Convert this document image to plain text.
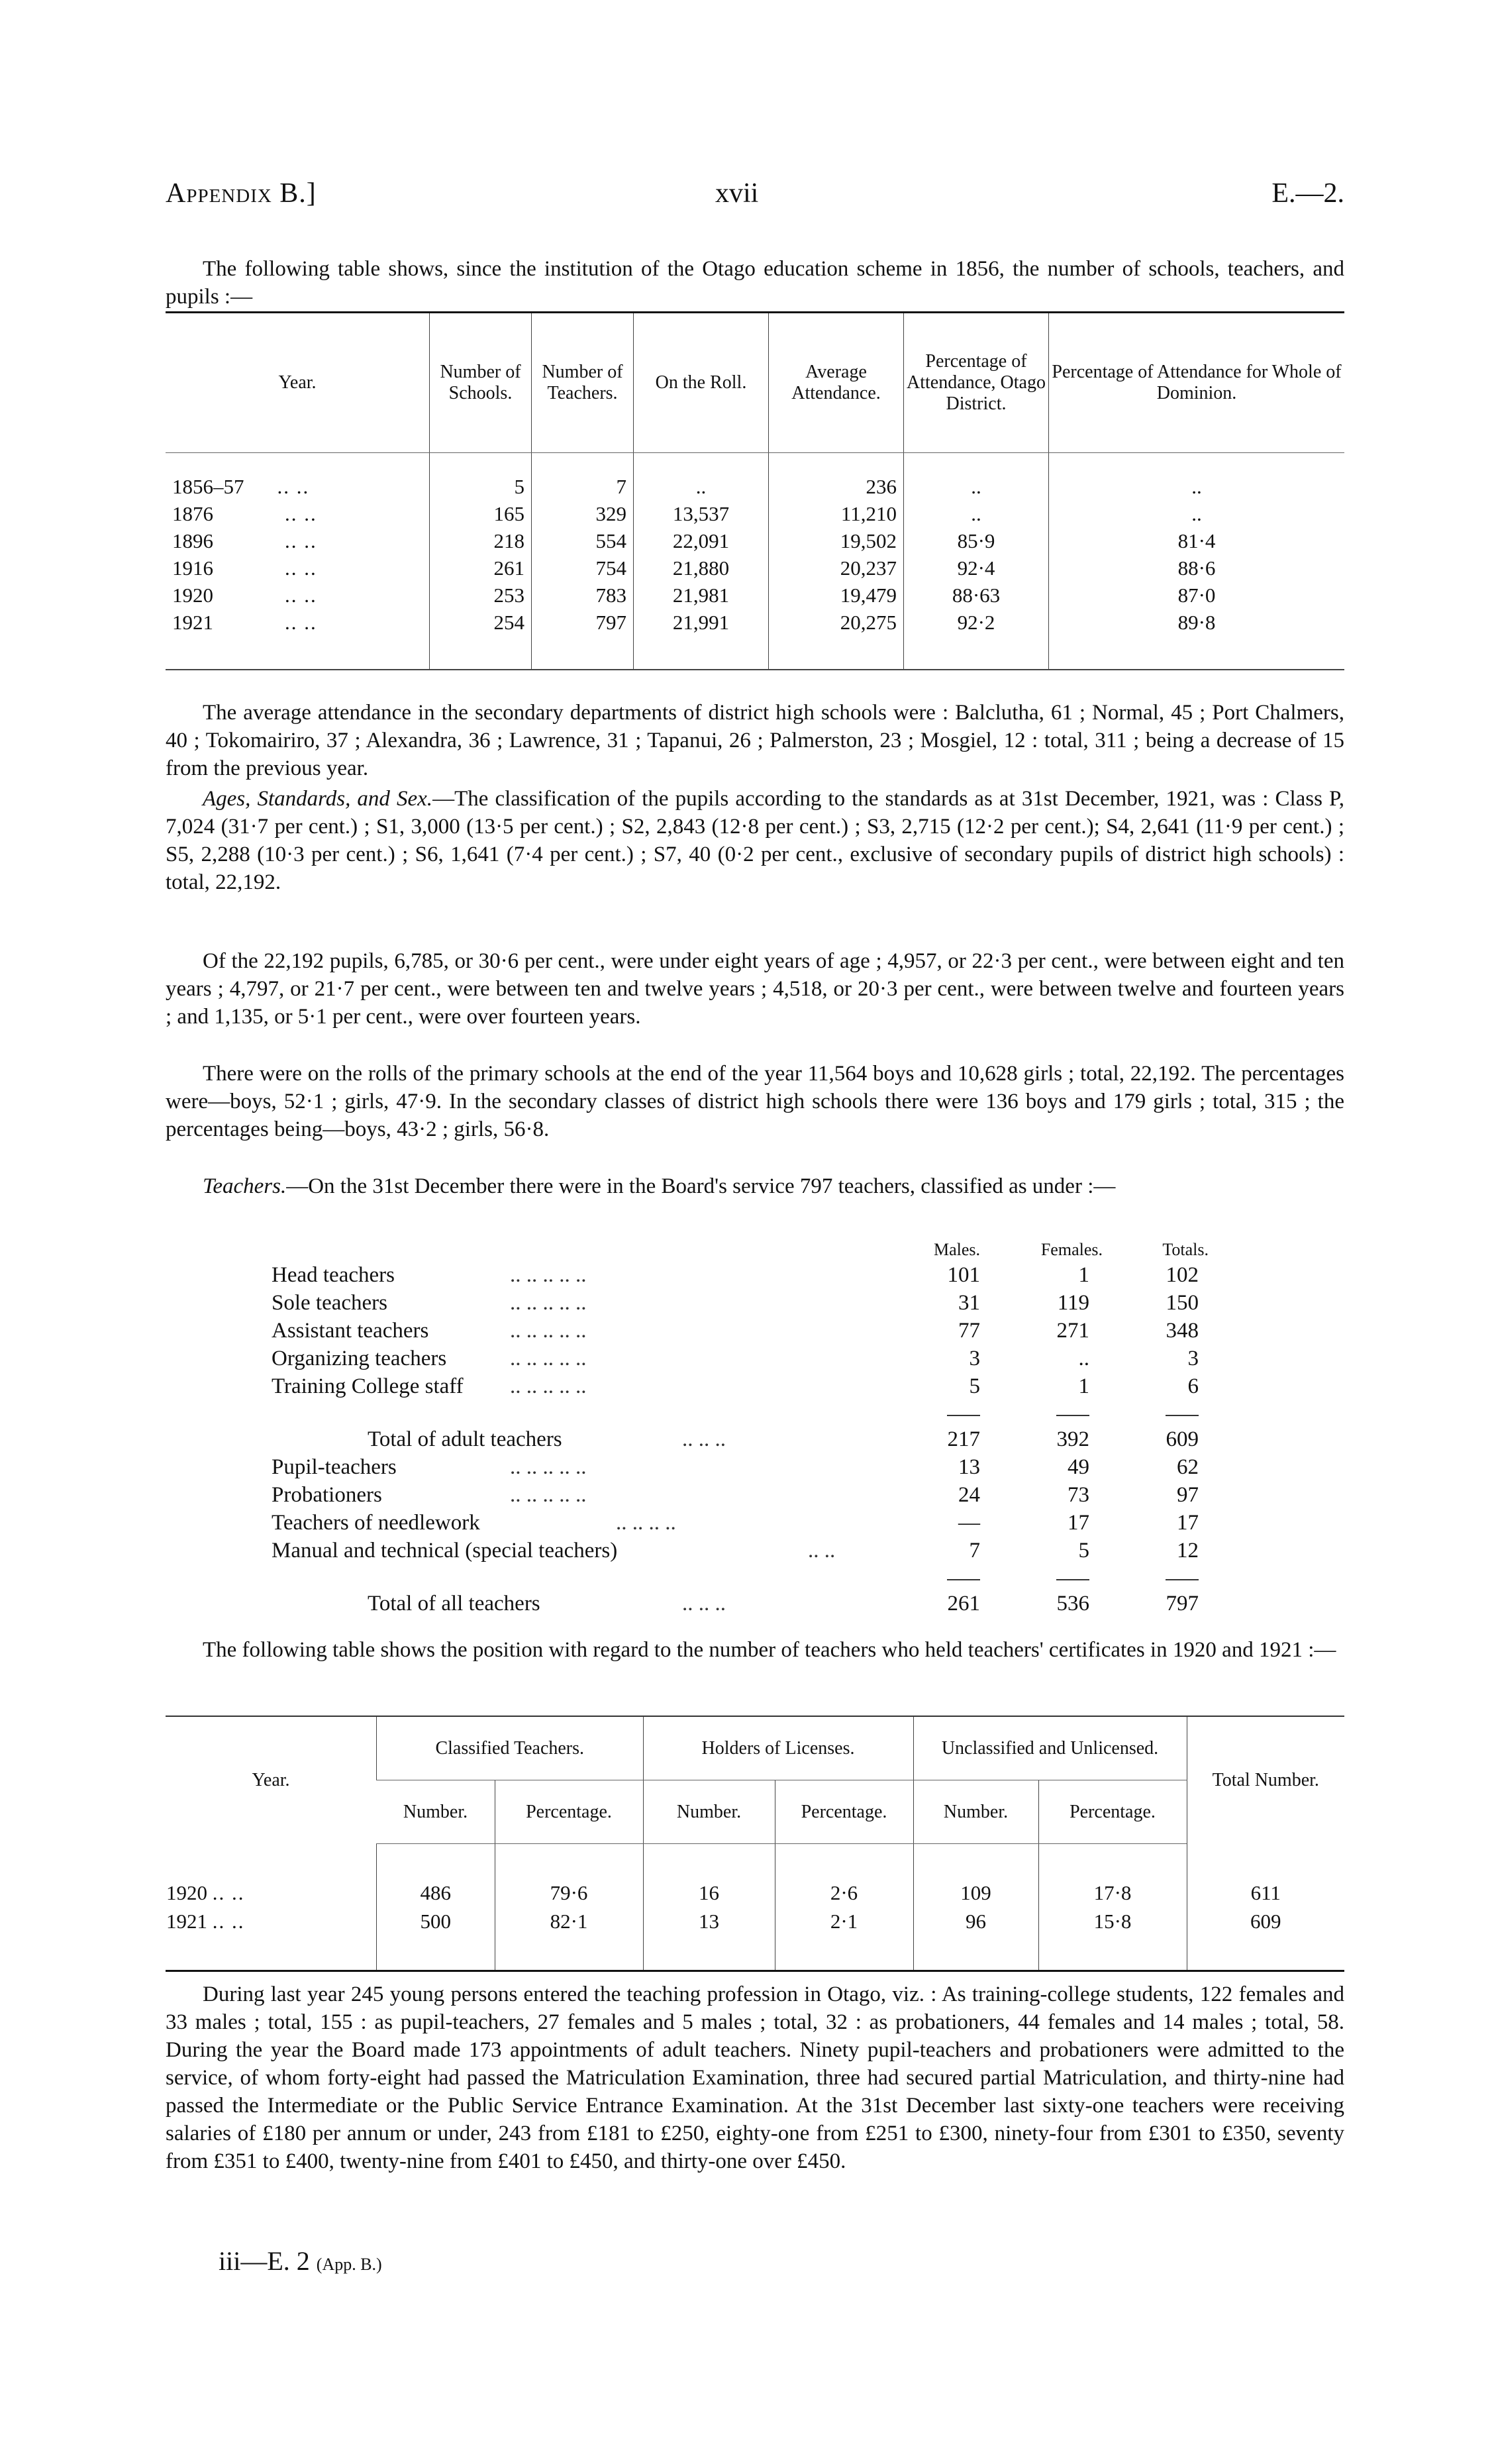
Appendix B.]	xvii	E.—2.

The following table shows, since the institution of the Otago education scheme in 1856, the number of schools, teachers, and pupils :—

Year.	Number of Schools.	Number of Teachers.	On the Roll.	Average Attendance.	Percentage of Attendance, Otago District.	Percentage of Attendance for Whole of Dominion.

1856–57 .. ..	5	7	..	236	..	..
1876 .. ..	165	329	13,537	11,210	..	..
1896 .. ..	218	554	22,091	19,502	85·9	81·4
1916 .. ..	261	754	21,880	20,237	92·4	88·6
1920 .. ..	253	783	21,981	19,479	88·63	87·0
1921 .. ..	254	797	21,991	20,275	92·2	89·8

The average attendance in the secondary departments of district high schools were : Balclutha, 61 ; Normal, 45 ; Port Chalmers, 40 ; Tokomairiro, 37 ; Alexandra, 36 ; Lawrence, 31 ; Tapanui, 26 ; Palmerston, 23 ; Mosgiel, 12 : total, 311 ; being a decrease of 15 from the previous year.

Ages, Standards, and Sex.—The classification of the pupils according to the standards as at 31st December, 1921, was : Class P, 7,024 (31·7 per cent.) ; S1, 3,000 (13·5 per cent.) ; S2, 2,843 (12·8 per cent.) ; S3, 2,715 (12·2 per cent.); S4, 2,641 (11·9 per cent.) ; S5, 2,288 (10·3 per cent.) ; S6, 1,641 (7·4 per cent.) ; S7, 40 (0·2 per cent., exclusive of secondary pupils of district high schools) : total, 22,192.

Of the 22,192 pupils, 6,785, or 30·6 per cent., were under eight years of age ; 4,957, or 22·3 per cent., were between eight and ten years ; 4,797, or 21·7 per cent., were between ten and twelve years ; 4,518, or 20·3 per cent., were between twelve and fourteen years ; and 1,135, or 5·1 per cent., were over fourteen years.

There were on the rolls of the primary schools at the end of the year 11,564 boys and 10,628 girls ; total, 22,192. The percentages were—boys, 52·1 ; girls, 47·9. In the secondary classes of district high schools there were 136 boys and 179 girls ; total, 315 ; the percentages being—boys, 43·2 ; girls, 56·8.

Teachers.—On the 31st December there were in the Board's service 797 teachers, classified as under :—

Males.	Females.	Totals.
Head teachers	.. .. .. .. ..	101	1	102
Sole teachers	.. .. .. .. ..	31	119	150
Assistant teachers	.. .. .. .. ..	77	271	348
Organizing teachers	.. .. .. .. ..	3	..	3
Training College staff .. .. .. .. ..	5	1	6
Total of adult teachers	.. .. ..	217	392	609
Pupil-teachers	.. .. .. .. ..	13	49	62
Probationers	.. .. .. .. ..	24	73	97
Teachers of needlework	.. .. .. ..	—	17	17
Manual and technical (special teachers)	.. ..	7	5	12
Total of all teachers	.. .. ..	261	536	797

The following table shows the position with regard to the number of teachers who held teachers' certificates in 1920 and 1921 :—

Year.	Classified Teachers.		Holders of Licenses.		Unclassified and Unlicensed.		Total Number.
	Number.	Percentage.	Number.	Percentage.	Number.	Percentage.	

1920 .. ..	486	79·6	16	2·6	109	17·8	611
1921 .. ..	500	82·1	13	2·1	96	15·8	609

During last year 245 young persons entered the teaching profession in Otago, viz. : As training-college students, 122 females and 33 males ; total, 155 : as pupil-teachers, 27 females and 5 males ; total, 32 : as probationers, 44 females and 14 males ; total, 58. During the year the Board made 173 appointments of adult teachers. Ninety pupil-teachers and probationers were admitted to the service, of whom forty-eight had passed the Matriculation Examination, three had secured partial Matriculation, and thirty-nine had passed the Intermediate or the Public Service Entrance Examination. At the 31st December last sixty-one teachers were receiving salaries of £180 per annum or under, 243 from £181 to £250, eighty-one from £251 to £300, ninety-four from £301 to £350, seventy from £351 to £400, twenty-nine from £401 to £450, and thirty-one over £450.

iii—E. 2 (App. B.)
